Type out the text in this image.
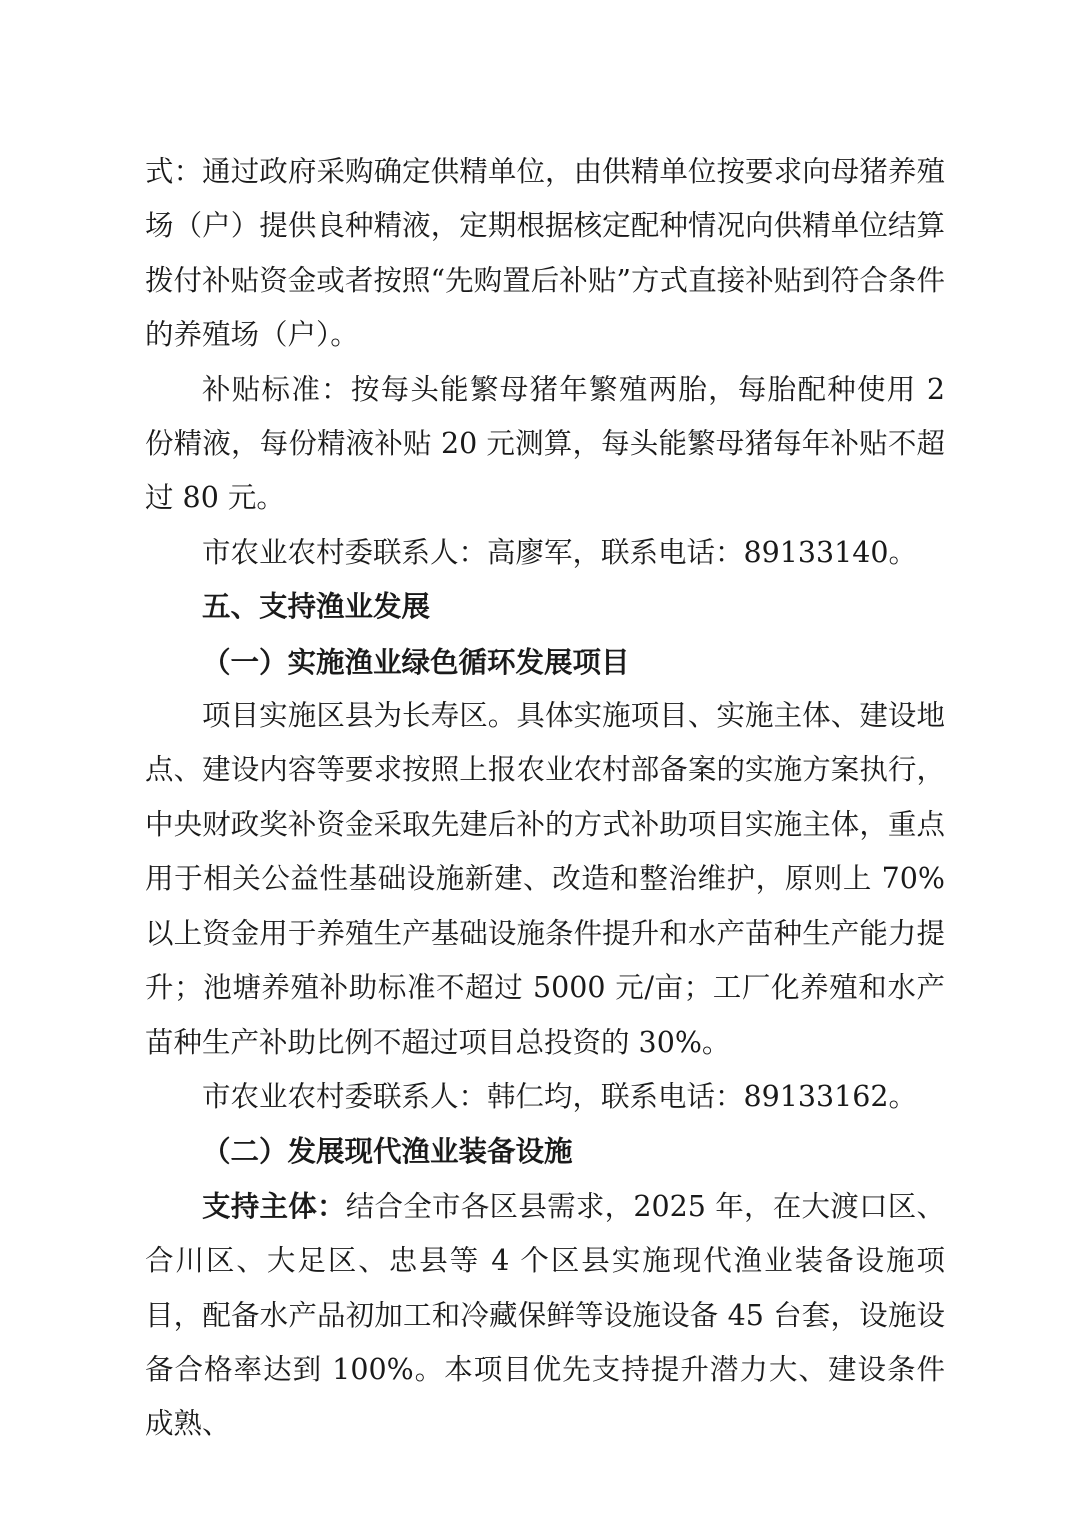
式：通过政府采购确定供精单位，由供精单位按要求向母猪养殖场（户）提供良种精液，定期根据核定配种情况向供精单位结算拨付补贴资金或者按照“先购置后补贴”方式直接补贴到符合条件的养殖场（户）。

补贴标准：按每头能繁母猪年繁殖两胎，每胎配种使用 2 份精液，每份精液补贴 20 元测算，每头能繁母猪每年补贴不超过 80 元。

市农业农村委联系人：高廖军，联系电话：89133140。

五、支持渔业发展

（一）实施渔业绿色循环发展项目

项目实施区县为长寿区。具体实施项目、实施主体、建设地点、建设内容等要求按照上报农业农村部备案的实施方案执行，中央财政奖补资金采取先建后补的方式补助项目实施主体，重点用于相关公益性基础设施新建、改造和整治维护，原则上 70% 以上资金用于养殖生产基础设施条件提升和水产苗种生产能力提升；池塘养殖补助标准不超过 5000 元/亩；工厂化养殖和水产苗种生产补助比例不超过项目总投资的 30%。

市农业农村委联系人：韩仁均，联系电话：89133162。

（二）发展现代渔业装备设施

支持主体：结合全市各区县需求，2025 年，在大渡口区、合川区、大足区、忠县等 4 个区县实施现代渔业装备设施项目，配备水产品初加工和冷藏保鲜等设施设备 45 台套，设施设备合格率达到 100%。本项目优先支持提升潜力大、建设条件成熟、
